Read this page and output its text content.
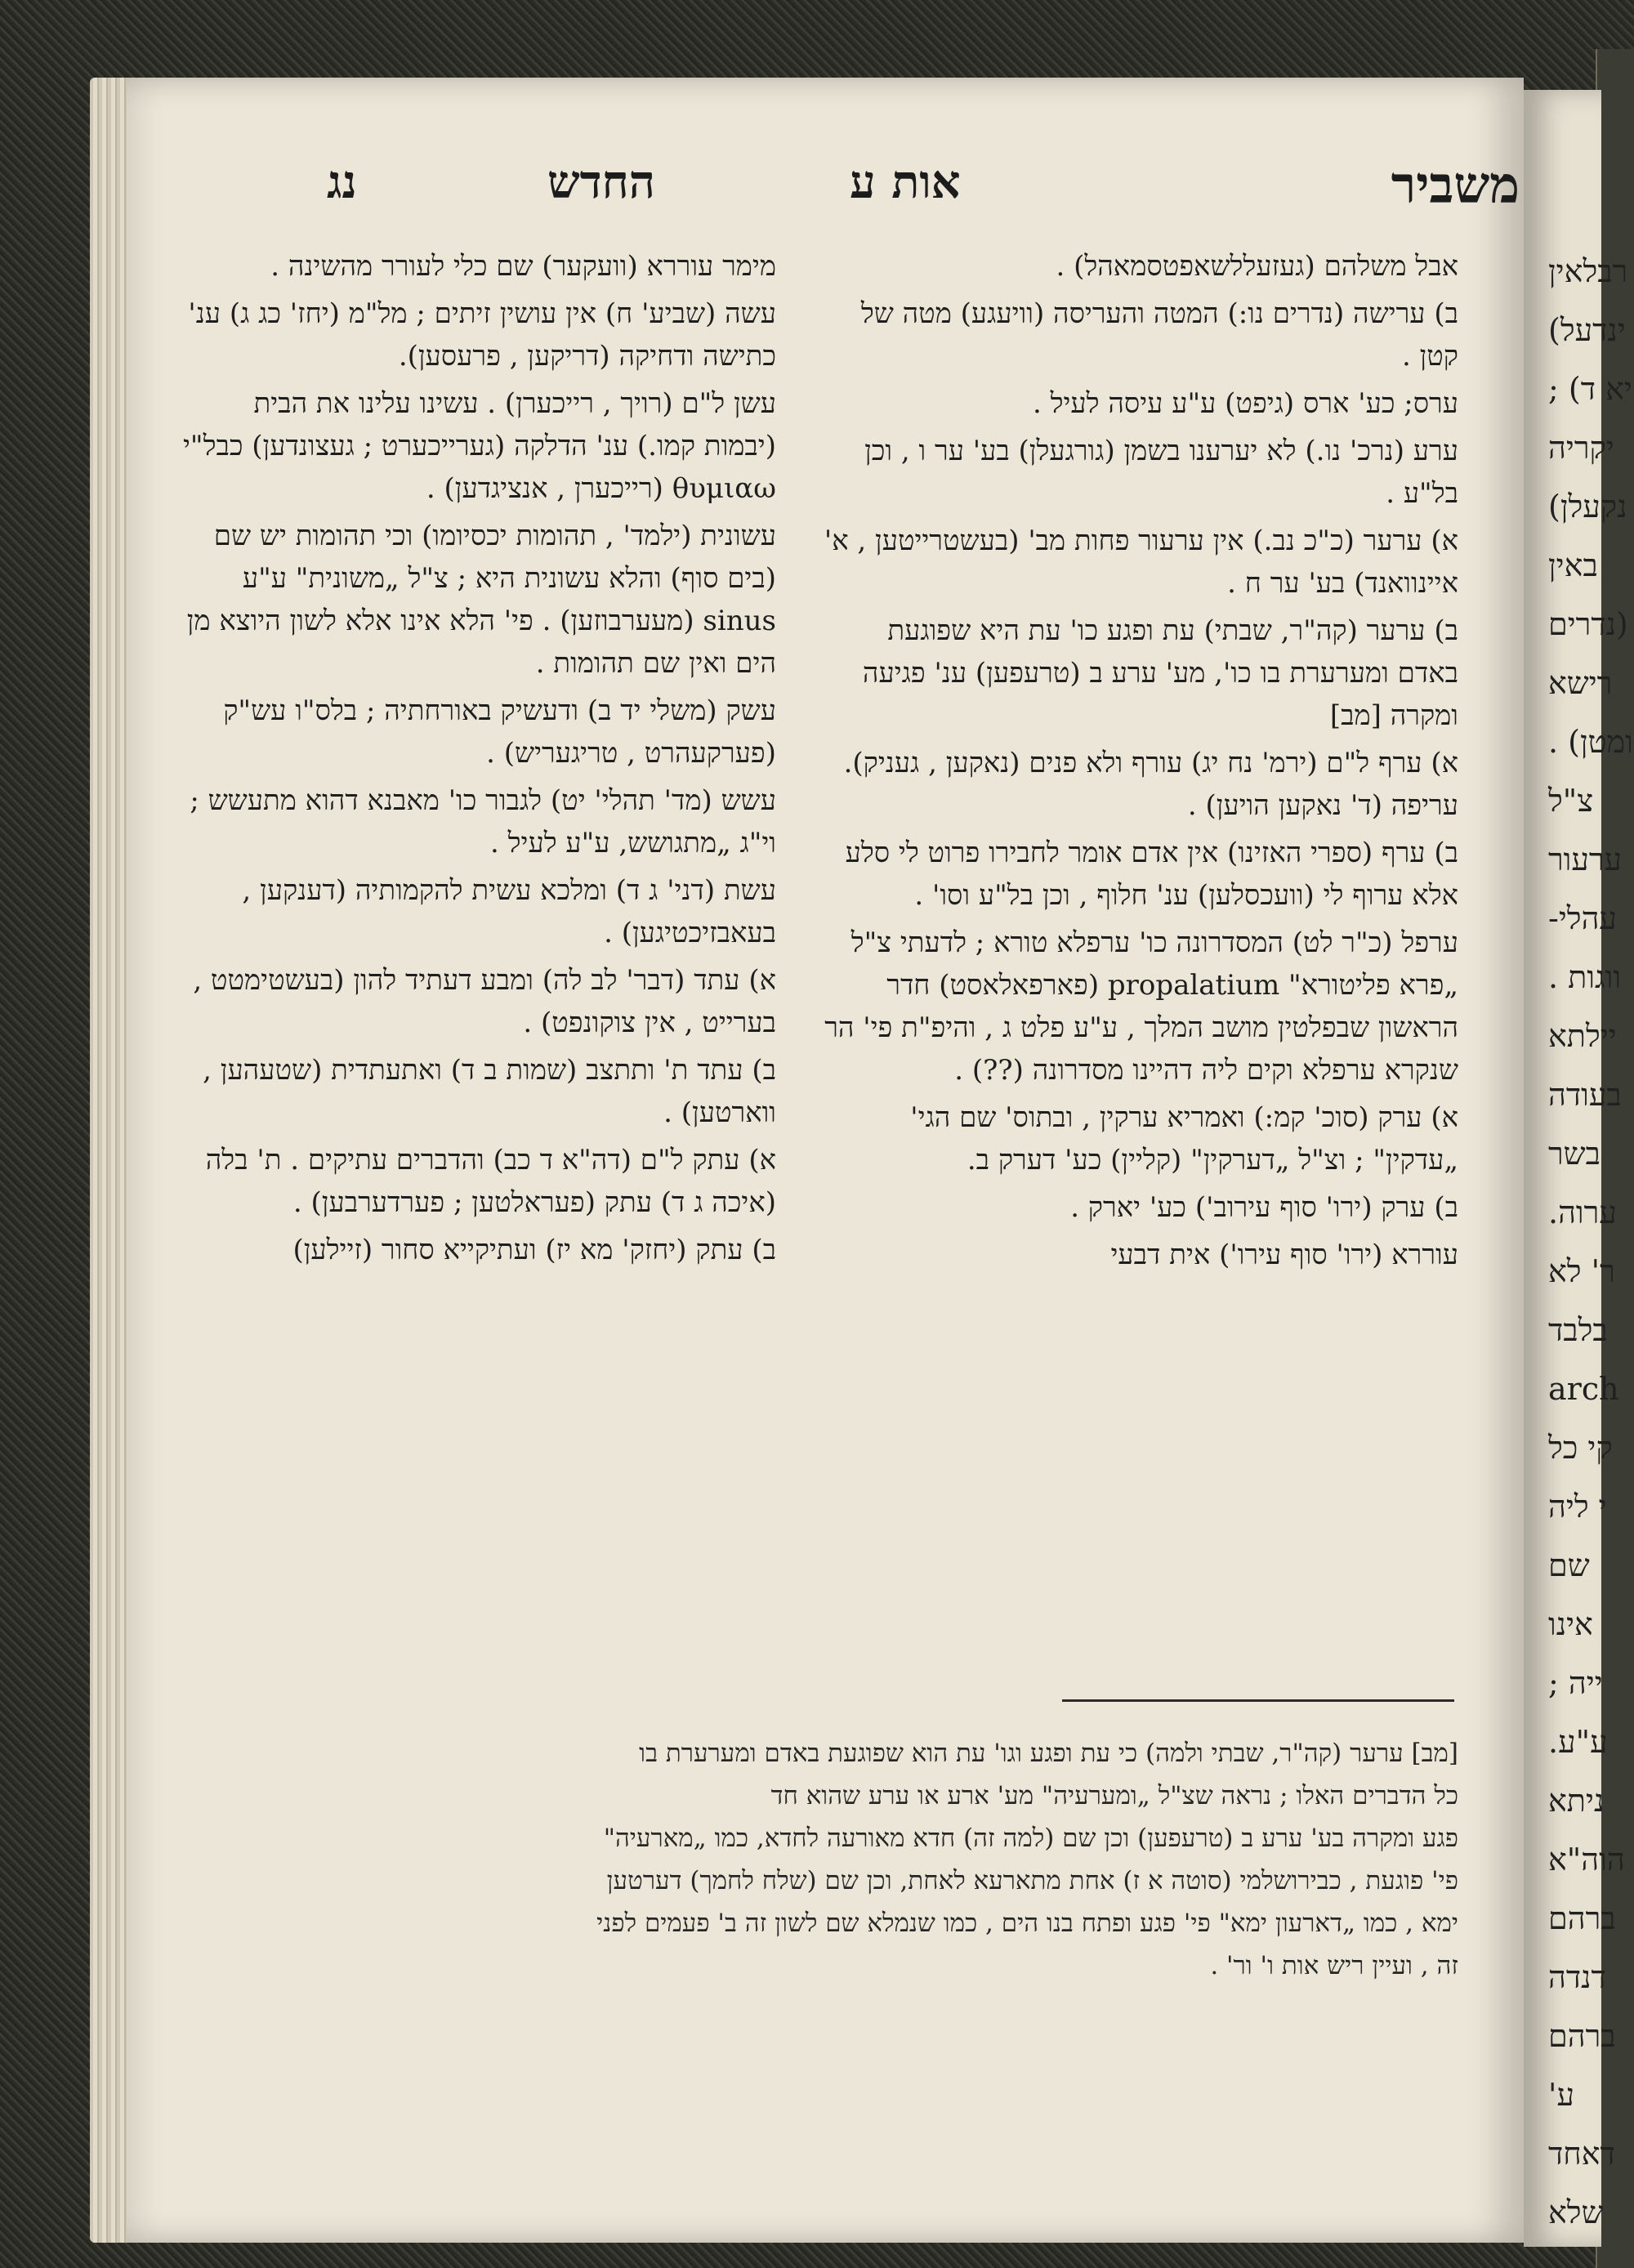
רבלאין
ינדעל)
יא ד) ;
יקריה
נקעלן)
באין
(נדרים
רישא
ומטן) .
צ"ל
ערעור
עהלי-
ווגות .
יילתא
בעודה
בשר
ערוה.
ר' לא
בלבד
arch
קי כל
י ליה
שם
אינו
ייה ;
ע"ע.
ניתא
הוה"א
ברהם
דנדה
ברהם
ע'
דאחד
שלא
משביר
אות ע
החדש
נג
אבל משלהם (געזעללשאפטסמאהל) .
ב) ערישה (נדרים נו:) המטה והעריסה (וויעגע) מטה של קטן .
ערס; כע' ארס (גיפט) ע"ע עיסה לעיל .
ערע (נרכ' נו.) לא יערענו בשמן (גורגעלן) בע' ער ו , וכן בל"ע .
א) ערער (כ"כ נב.) אין ערעור פחות מב' (בעשטרייטען , א' איינוואנד) בע' ער ח .
ב) ערער (קה"ר, שבתי) עת ופגע כו' עת היא שפוגעת באדם ומערערת בו כו', מע' ערע ב (טרעפען) ענ' פגיעה ומקרה [מב]
א) ערף ל"ם (ירמ' נח יג) עורף ולא פנים (נאקען , געניק). עריפה (ד' נאקען הויען) .
ב) ערף (ספרי האזינו) אין אדם אומר לחבירו פרוט לי סלע אלא ערוף לי (וועכסלען) ענ' חלוף , וכן בל"ע וסו' .
ערפל (כ"ר לט) המסדרונה כו' ערפלא טורא ; לדעתי צ"ל „פרא פליטורא" propalatium (פארפאלאסט) חדר הראשון שבפלטין מושב המלך , ע"ע פלט ג , והיפ"ת פי' הר שנקרא ערפלא וקים ליה דהיינו מסדרונה (??) .
א) ערק (סוכ' קמ:) ואמריא ערקין , ובתוס' שם הגי' „עדקין" ; וצ"ל „דערקין" (קליין) כע' דערק ב.
ב) ערק (ירו' סוף עירוב') כע' יארק .
עוררא (ירו' סוף עירו') אית דבעי
מימר עוררא (וועקער) שם כלי לעורר מהשינה .
עשה (שביע' ח) אין עושין זיתים ; מל"מ (יחז' כג ג) ענ' כתישה ודחיקה (דריקען , פרעסען).
עשן ל"ם (רויך , רייכערן) . עשינו עלינו את הבית (יבמות קמו.) ענ' הדלקה (גערייכערט ; געצונדען) כבל"י θυμιαω (רייכערן , אנציגדען) .
עשונית (ילמד' , תהומות יכסיומו) וכי תהומות יש שם (בים סוף) והלא עשונית היא ; צ"ל „משונית" ע"ע sinus (מעערבוזען) . פי' הלא אינו אלא לשון היוצא מן הים ואין שם תהומות .
עשק (משלי יד ב) ודעשיק באורחתיה ; בלס"ו עש"ק (פערקעהרט , טריגעריש) .
עשש (מד' תהלי' יט) לגבור כו' מאבנא דהוא מתעשש ; וי"ג „מתגושש, ע"ע לעיל .
עשת (דני' ג ד) ומלכא עשית להקמותיה (דענקען , בעאבזיכטיגען) .
א) עתד (דבר' לב לה) ומבע דעתיד להון (בעשטימטט , בערייט , אין צוקונפט) .
ב) עתד ת' ותתצב (שמות ב ד) ואתעתדית (שטעהען , ווארטען) .
א) עתק ל"ם (דה"א ד כב) והדברים עתיקים . ת' בלה (איכה ג ד) עתק (פעראלטען ; פערדערבען) .
ב) עתק (יחזק' מא יז) ועתיקייא סחור (זיילען)

[מב] ערער (קה"ר, שבתי ולמה) כי עת ופגע וגו' עת הוא שפוגעת באדם ומערערת בו

כל הדברים האלו ; נראה שצ"ל „ומערעיה" מע' ארע או ערע שהוא חד

פגע ומקרה בע' ערע ב (טרעפען) וכן שם (למה זה) חדא מאורעה לחדא, כמו „מארעיה"

פי' פוגעת , כבירושלמי (סוטה א ז) אחת מתארעא לאחת, וכן שם (שלח לחמך) דערטען

ימא , כמו „דארעון ימא" פי' פגע ופתח בנו הים , כמו שנמלא שם לשון זה ב' פעמים לפני

זה , ועיין ריש אות ו' ור' .
